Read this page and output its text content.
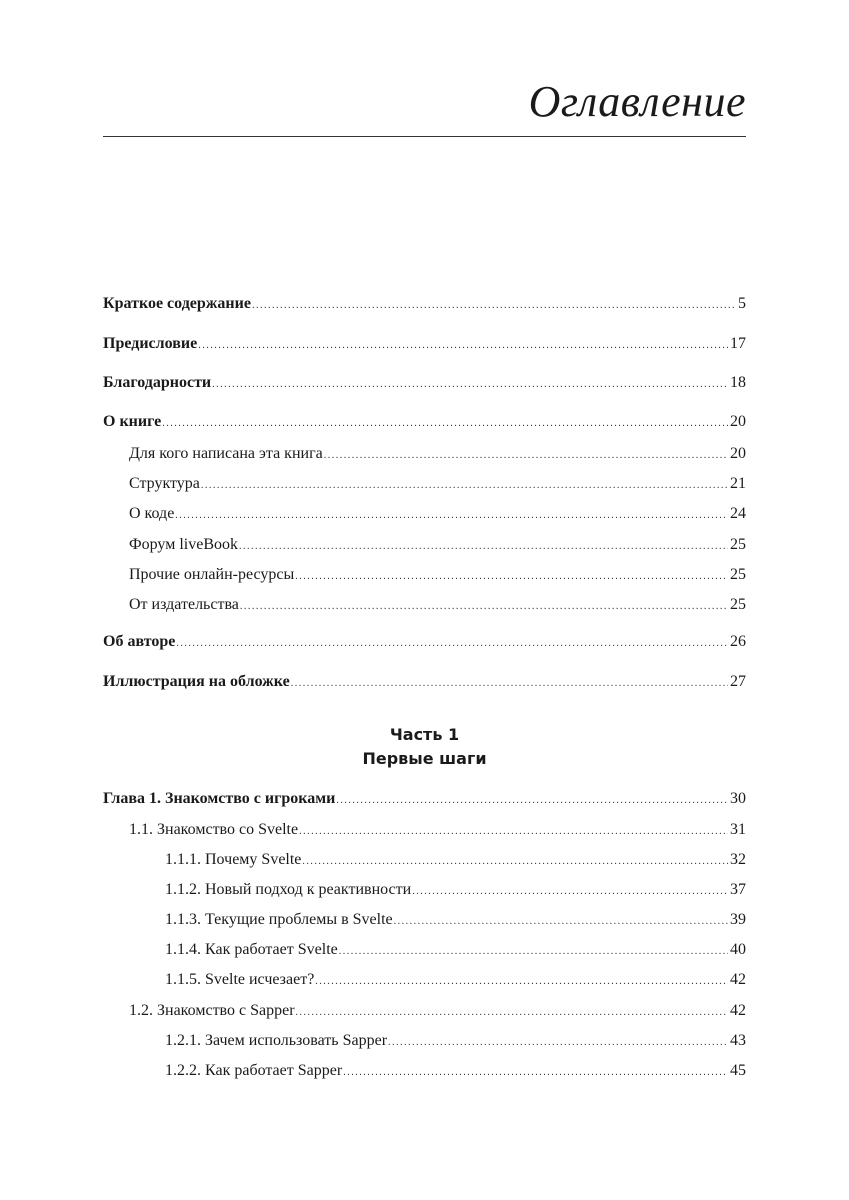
Оглавление
Краткое содержание .....	5
Предисловие .....	17
Благодарности .....	18
О книге .....	20
Для кого написана эта книга .....	20
Структура .....	21
О коде .....	24
Форум liveBook .....	25
Прочие онлайн-ресурсы .....	25
От издательства .....	25
Об авторе .....	26
Иллюстрация на обложке .....	27
Часть 1
Первые шаги
Глава 1. Знакомство с игроками .....	30
1.1. Знакомство со Svelte .....	31
1.1.1. Почему Svelte .....	32
1.1.2. Новый подход к реактивности .....	37
1.1.3. Текущие проблемы в Svelte .....	39
1.1.4. Как работает Svelte .....	40
1.1.5. Svelte исчезает? .....	42
1.2. Знакомство с Sapper .....	42
1.2.1. Зачем использовать Sapper .....	43
1.2.2. Как работает Sapper .....	45
